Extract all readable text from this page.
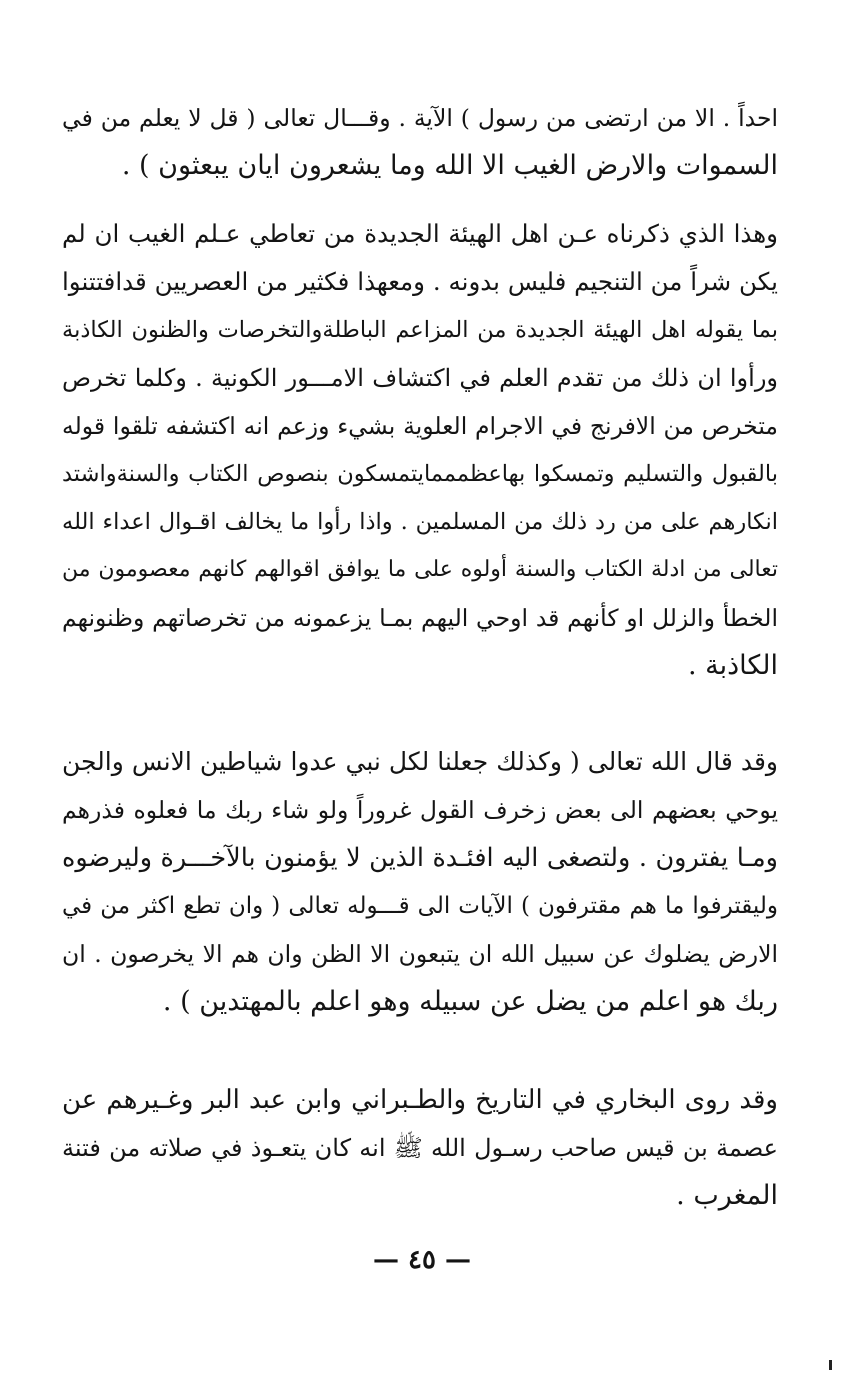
احداً . الا من ارتضى من رسول ) الآية . وقـــال تعالى ( قل لا يعلم من في
السموات والارض الغيب الا الله وما يشعرون ايان يبعثون ) .
وهذا الذي ذكرناه عـن اهل الهيئة الجديدة من تعاطي عـلم الغيب ان لم
يكن شراً من التنجيم فليس بدونه . ومعهذا فكثير من العصريين قدافتتنوا
بما يقوله اهل الهيئة الجديدة من المزاعم الباطلةوالتخرصات والظنون الكاذبة
ورأوا ان ذلك من تقدم العلم في اكتشاف الامـــور الكونية . وكلما تخرص
متخرص من الافرنج في الاجرام العلوية بشيء وزعم انه اكتشفه تلقوا قوله
بالقبول والتسليم وتمسكوا بهاعظمممايتمسكون بنصوص الكتاب والسنةواشتد
انكارهم على من رد ذلك من المسلمين . واذا رأوا ما يخالف اقـوال اعداء الله
تعالى من ادلة الكتاب والسنة أولوه على ما يوافق اقوالهم كانهم معصومون من
الخطأ والزلل او كأنهم قد اوحي اليهم بمـا يزعمونه من تخرصاتهم وظنونهم
الكاذبة .
وقد قال الله تعالى ( وكذلك جعلنا لكل نبي عدوا شياطين الانس والجن
يوحي بعضهم الى بعض زخرف القول غروراً ولو شاء ربك ما فعلوه فذرهم
ومـا يفترون . ولتصغى اليه افئـدة الذين لا يؤمنون بالآخـــرة وليرضوه
وليقترفوا ما هم مقترفون ) الآيات الى قـــوله تعالى ( وان تطع اكثر من في
الارض يضلوك عن سبيل الله ان يتبعون الا الظن وان هم الا يخرصون . ان
ربك هو اعلم من يضل عن سبيله وهو اعلم بالمهتدين ) .
وقد روى البخاري في التاريخ والطـبراني وابن عبد البر وغـيرهم عن
عصمة بن قيس صاحب رسـول الله ﷺ انه كان يتعـوذ في صلاته من فتنة
المغرب .
— ٤٥ —
